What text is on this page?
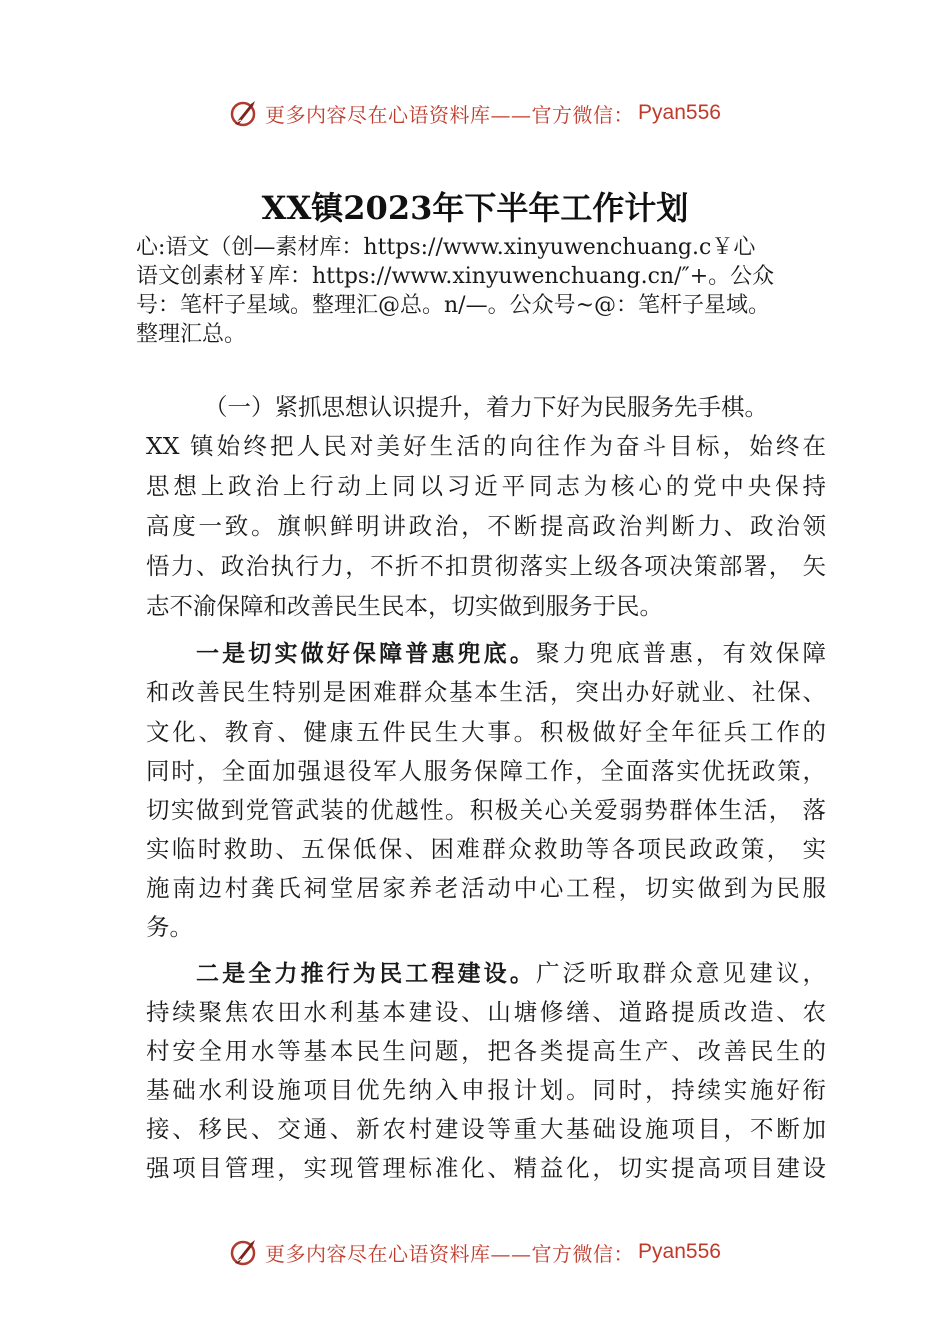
更多内容尽在心语资料库——官方微信： Pyan556
XX镇2023年下半年工作计划
心:语文（创—素材库：https://www.xinyuwenchuang.c￥心
语文创素材￥库：https://www.xinyuwenchuang.cn/″+。公众
号：笔杆子星域。整理汇@总。n/—。公众号~@：笔杆子星域。
整理汇总。
（一）紧抓思想认识提升，着力下好为民服务先手棋。
XX 镇始终把人民对美好生活的向往作为奋斗目标，始终在
思想上政治上行动上同以习近平同志为核心的党中央保持
高度一致。旗帜鲜明讲政治，不断提高政治判断力、政治领
悟力、政治执行力，不折不扣贯彻落实上级各项决策部署， 矢
志不渝保障和改善民生民本，切实做到服务于民。
一是切实做好保障普惠兜底。聚力兜底普惠，有效保障
和改善民生特别是困难群众基本生活，突出办好就业、社保、
文化、教育、健康五件民生大事。积极做好全年征兵工作的
同时，全面加强退役军人服务保障工作，全面落实优抚政策，
切实做到党管武装的优越性。积极关心关爱弱势群体生活， 落
实临时救助、五保低保、困难群众救助等各项民政政策， 实
施南边村龚氏祠堂居家养老活动中心工程，切实做到为民服
务。
二是全力推行为民工程建设。广泛听取群众意见建议，
持续聚焦农田水利基本建设、山塘修缮、道路提质改造、农
村安全用水等基本民生问题，把各类提高生产、改善民生的
基础水利设施项目优先纳入申报计划。同时，持续实施好衔
接、移民、交通、新农村建设等重大基础设施项目，不断加
强项目管理，实现管理标准化、精益化，切实提高项目建设
更多内容尽在心语资料库——官方微信： Pyan556
